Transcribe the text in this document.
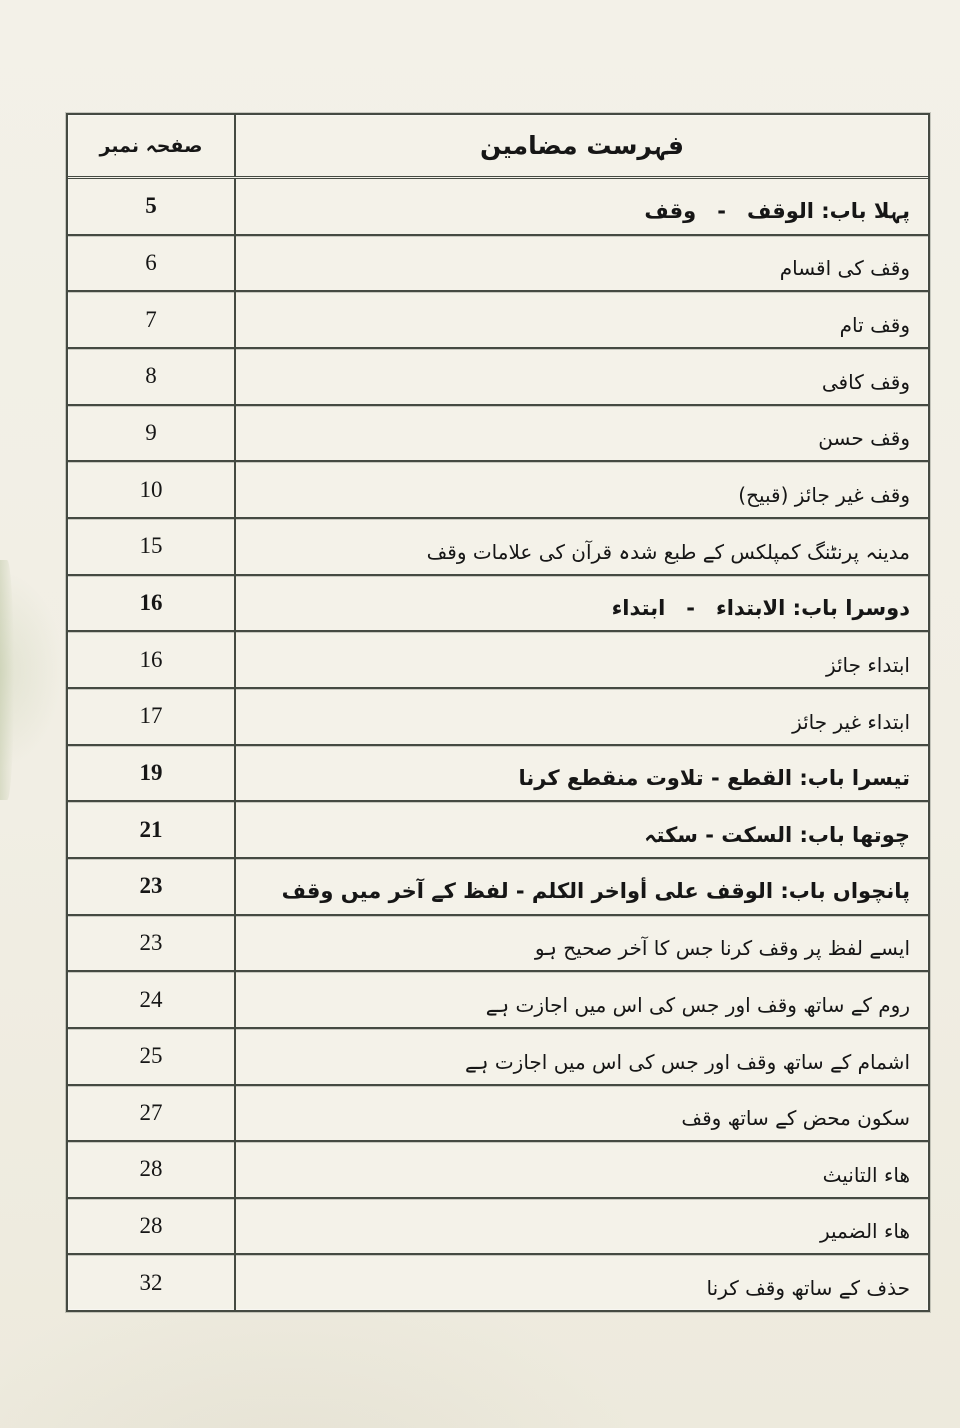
صفحہ نمبر	فہرست مضامین
5	پہلا باب: الوقف - وقف
6	وقف کی اقسام
7	وقف تام
8	وقف کافی
9	وقف حسن
10	وقف غیر جائز (قبیح)
15	مدینہ پرنٹنگ کمپلکس کے طبع شدہ قرآن کی علامات وقف
16	دوسرا باب: الابتداء - ابتداء
16	ابتداء جائز
17	ابتداء غیر جائز
19	تیسرا باب: القطع - تلاوت منقطع کرنا
21	چوتھا باب: السکت - سکتہ
23	پانچواں باب: الوقف علی أواخر الکلم - لفظ کے آخر میں وقف
23	ایسے لفظ پر وقف کرنا جس کا آخر صحیح ہو
24	روم کے ساتھ وقف اور جس کی اس میں اجازت ہے
25	اشمام کے ساتھ وقف اور جس کی اس میں اجازت ہے
27	سکون محض کے ساتھ وقف
28	ھاء التانیث
28	ھاء الضمیر
32	حذف کے ساتھ وقف کرنا
